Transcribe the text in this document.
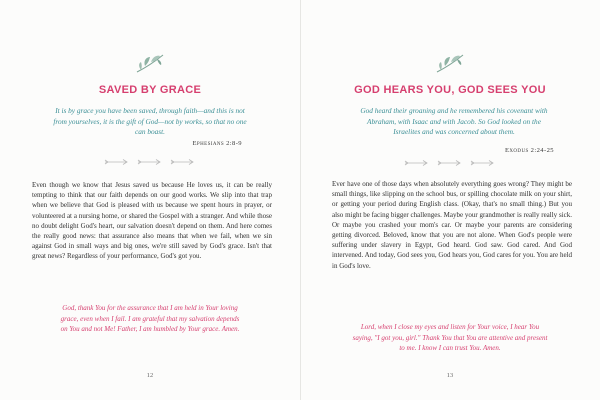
SAVED BY GRACE
It is by grace you have been saved, through faith—and this is not from yourselves, it is the gift of God—not by works, so that no one can boast.
Ephesians 2:8-9
Even though we know that Jesus saved us because He loves us, it can be really tempting to think that our faith depends on our good works. We slip into that trap when we believe that God is pleased with us because we spent hours in prayer, or volunteered at a nursing home, or shared the Gospel with a stranger. And while those no doubt delight God's heart, our salvation doesn't depend on them. And here comes the really good news: that assurance also means that when we fail, when we sin against God in small ways and big ones, we're still saved by God's grace. Isn't that great news? Regardless of your performance, God's got you.
God, thank You for the assurance that I am held in Your loving grace, even when I fail. I am grateful that my salvation depends on You and not Me! Father, I am humbled by Your grace. Amen.
12
GOD HEARS YOU, GOD SEES YOU
God heard their groaning and he remembered his covenant with Abraham, with Isaac and with Jacob. So God looked on the Israelites and was concerned about them.
Exodus 2:24-25
Ever have one of those days when absolutely everything goes wrong? They might be small things, like slipping on the school bus, or spilling chocolate milk on your shirt, or getting your period during English class. (Okay, that's no small thing.) But you also might be facing bigger challenges. Maybe your grandmother is really really sick. Or maybe you crashed your mom's car. Or maybe your parents are considering getting divorced. Beloved, know that you are not alone. When God's people were suffering under slavery in Egypt, God heard. God saw. God cared. And God intervened. And today, God sees you, God hears you, God cares for you. You are held in God's love.
Lord, when I close my eyes and listen for Your voice, I hear You saying, "I got you, girl." Thank You that You are attentive and present to me. I know I can trust You. Amen.
13
